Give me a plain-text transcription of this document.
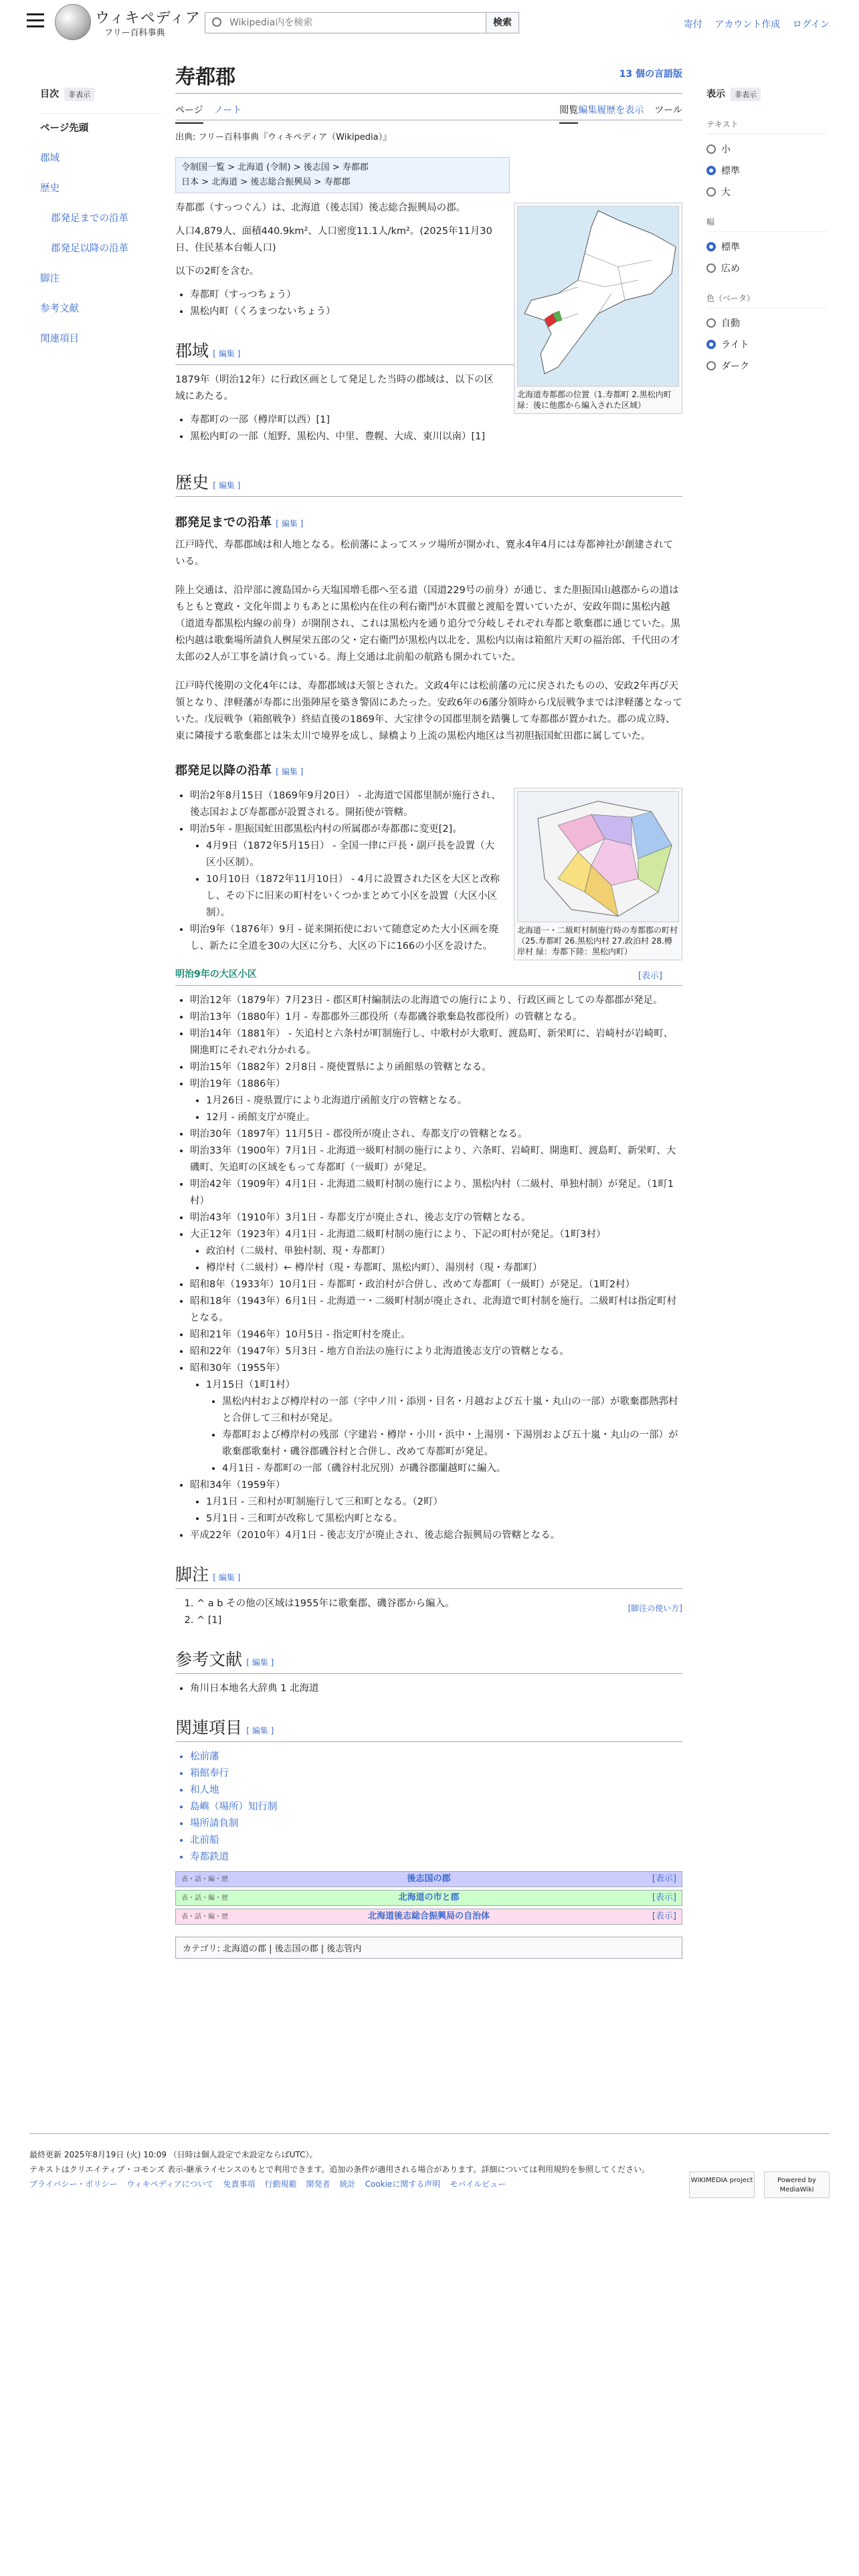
ウィキペディア
フリー百科事典
Wikipedia内を検索
検索	寄付 アカウント作成 ログイン
目次 非表示
ページ先頭
郡域
歴史
郡発足までの沿革
郡発足以降の沿革
脚注
参考文献
関連項目
寿都郡	13 個の言語版
ページ ノート	閲覧編集履歴を表示 ツール
出典: フリー百科事典『ウィキペディア（Wikipedia）』
令制国一覧 > 北海道 (令制) > 後志国 > 寿都郡
日本 > 北海道 > 後志総合振興局 > 寿都郡
北海道寿都郡の位置（1.寿都町 2.黒松内町 緑：後に他郡から編入された区域）

寿都郡（すっつぐん）は、北海道（後志国）後志総合振興局の郡。

人口4,879人、面積440.9km²、人口密度11.1人/km²。(2025年11月30日、住民基本台帳人口)

以下の2町を含む。

• 寿都町（すっつちょう）
• 黒松内町（くろまつないちょう）
郡域 [ 編集 ]

1879年（明治12年）に行政区画として発足した当時の郡域は、以下の区域にあたる。

• 寿都町の一部（樽岸町以西）[1]
• 黒松内町の一部（旭野、黒松内、中里、豊幌、大成、東川以南）[1]
歴史 [ 編集 ]
郡発足までの沿革 [ 編集 ]

江戸時代、寿都郡域は和人地となる。松前藩によってスッツ場所が開かれ、寛永4年4月には寿都神社が創建されている。

陸上交通は、沿岸部に渡島国から天塩国増毛郡へ至る道（国道229号の前身）が通じ、また胆振国山越郡からの道はもともと寛政・文化年間よりもあとに黒松内在住の利右衛門が木貫徹と渡船を置いていたが、安政年間に黒松内越（道道寿都黒松内線の前身）が開削され、これは黒松内を通り追分で分岐しそれぞれ寿都と歌棄郡に通じていた。黒松内越は歌棄場所請負人桝屋栄五郎の父・定右衛門が黒松内以北を、黒松内以南は箱館片天町の福治郎、千代田の才太郎の2人が工事を請け負っている。海上交通は北前船の航路も開かれていた。

江戸時代後期の文化4年には、寿都郡域は天領とされた。文政4年には松前藩の元に戻されたものの、安政2年再び天領となり、津軽藩が寿都に出張陣屋を築き警固にあたった。安政6年の6藩分領時から戊辰戦争までは津軽藩となっていた。戊辰戦争（箱館戦争）終結直後の1869年、大宝律令の国郡里制を踏襲して寿都郡が置かれた。郡の成立時、東に隣接する歌棄郡とは朱太川で境界を成し、緑橋より上流の黒松内地区は当初胆振国虻田郡に属していた。

郡発足以降の沿革 [ 編集 ]
北海道一・二級町村制施行時の寿都郡の町村（25.寿都町 26.黒松内村 27.政泊村 28.樽岸村 緑：寿都下陸：黒松内町）
• 明治2年8月15日（1869年9月20日） - 北海道で国郡里制が施行され、後志国および寿都郡が設置される。開拓使が管轄。
• 明治5年 - 胆振国虻田郡黒松内村の所属郡が寿都郡に変更[2]。
• 4月9日（1872年5月15日） - 全国一律に戸長・副戸長を設置（大区小区制）。
• 10月10日（1872年11月10日） - 4月に設置された区を大区と改称し、その下に旧来の町村をいくつかまとめて小区を設置（大区小区制）。
• 明治9年（1876年）9月 - 従来開拓使において随意定めた大小区画を廃し、新たに全道を30の大区に分ち、大区の下に166の小区を設けた。
明治9年の大区小区	[表示]
• 明治12年（1879年）7月23日 - 郡区町村編制法の北海道での施行により、行政区画としての寿都郡が発足。
• 明治13年（1880年）1月 - 寿都郡外三郡役所（寿都磯谷歌棄島牧郡役所）の管轄となる。
• 明治14年（1881年） - 矢追村と六条村が町制施行し、中歌村が大歌町、渡島町、新栄町に、岩崎村が岩崎町、開進町にそれぞれ分かれる。
• 明治15年（1882年）2月8日 - 廃使置県により函館県の管轄となる。
• 明治19年（1886年）
• 1月26日 - 廃県置庁により北海道庁函館支庁の管轄となる。
• 12月 - 函館支庁が廃止。
• 明治30年（1897年）11月5日 - 郡役所が廃止され、寿都支庁の管轄となる。
• 明治33年（1900年）7月1日 - 北海道一級町村制の施行により、六条町、岩崎町、開進町、渡島町、新栄町、大磯町、矢追町の区域をもって寿都町（一級町）が発足。
• 明治42年（1909年）4月1日 - 北海道二級町村制の施行により、黒松内村（二級村、単独村制）が発足。（1町1村）
• 明治43年（1910年）3月1日 - 寿都支庁が廃止され、後志支庁の管轄となる。
• 大正12年（1923年）4月1日 - 北海道二級町村制の施行により、下記の町村が発足。（1町3村）
• 政泊村（二級村、単独村制、現・寿都町）
• 樽岸村（二級村）← 樽岸村（現・寿都町、黒松内町）、湯別村（現・寿都町）
• 昭和8年（1933年）10月1日 - 寿都町・政泊村が合併し、改めて寿都町（一級町）が発足。（1町2村）
• 昭和18年（1943年）6月1日 - 北海道一・二級町村制が廃止され、北海道で町村制を施行。二級町村は指定町村となる。
• 昭和21年（1946年）10月5日 - 指定町村を廃止。
• 昭和22年（1947年）5月3日 - 地方自治法の施行により北海道後志支庁の管轄となる。
• 昭和30年（1955年）
• 1月15日（1町1村）
• 黒松内村および樽岸村の一部（字中ノ川・添別・目名・月越および五十嵐・丸山の一部）が歌棄郡熱郛村と合併して三和村が発足。
• 寿都町および樽岸村の残部（字建岩・樽岸・小川・浜中・上湯別・下湯別および五十嵐・丸山の一部）が歌棄郡歌棄村・磯谷郡磯谷村と合併し、改めて寿都町が発足。
• 4月1日 - 寿都町の一部（磯谷村北尻別）が磯谷郡蘭越町に編入。
• 昭和34年（1959年）
• 1月1日 - 三和村が町制施行して三和町となる。（2町）
• 5月1日 - 三和町が改称して黒松内町となる。
• 平成22年（2010年）4月1日 - 後志支庁が廃止され、後志総合振興局の管轄となる。
脚注 [ 編集 ]
1. ^ a b その他の区域は1955年に歌棄郡、磯谷郡から編入。
2. ^ [1]
[脚注の使い方]
参考文献 [ 編集 ]
• 角川日本地名大辞典 1 北海道
関連項目 [ 編集 ]
• 松前藩
• 箱館奉行
• 和人地
• 島嶼（場所）知行制
• 場所請負制
• 北前船
• 寿都鉄道
表・話・編・歴	後志国の郡	[表示]
表・話・編・歴	北海道の市と郡	[表示]
表・話・編・歴	北海道後志総合振興局の自治体	[表示]
カテゴリ: 北海道の郡 | 後志国の郡 | 後志管内
表示 非表示
テキスト
小
標準
大
幅
標準
広め
色（ベータ）
自動
ライト
ダーク
最終更新 2025年8月19日 (火) 10:09 （日時は個人設定で未設定ならばUTC）。
テキストはクリエイティブ・コモンズ 表示-継承ライセンスのもとで利用できます。追加の条件が適用される場合があります。詳細については利用規約を参照してください。
プライバシー・ポリシー ウィキペディアについて 免責事項 行動規範 開発者 統計 Cookieに関する声明 モバイルビュー	WIKIMEDIA project	Powered by MediaWiki
